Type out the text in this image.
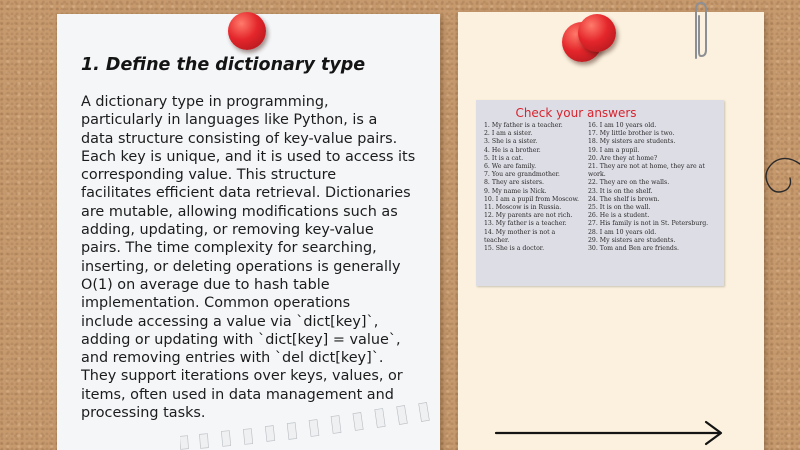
1. Define the dictionary type
A dictionary type in programming,
particularly in languages like Python, is a
data structure consisting of key-value pairs.
Each key is unique, and it is used to access its
corresponding value. This structure
facilitates efficient data retrieval. Dictionaries
are mutable, allowing modifications such as
adding, updating, or removing key-value
pairs. The time complexity for searching,
inserting, or deleting operations is generally
O(1) on average due to hash table
implementation. Common operations
include accessing a value via `dict[key]`,
adding or updating with `dict[key] = value`,
and removing entries with `del dict[key]`.
They support iterations over keys, values, or
items, often used in data management and
processing tasks.
Check your answers
1. My father is a teacher.
2. I am a sister.
3. She is a sister.
4. He is a brother.
5. It is a cat.
6. We are family.
7. You are grandmother.
8. They are sisters.
9. My name is Nick.
10. I am a pupil from Moscow.
11. Moscow is in Russia.
12. My parents are not rich.
13. My father is a teacher.
14. My mother is not a
teacher.
15. She is a doctor.
16. I am 10 years old.
17. My little brother is two.
18. My sisters are students.
19. I am a pupil.
20. Are they at home?
21. They are not at home, they are at
work.
22. They are on the walls.
23. It is on the shelf.
24. The shelf is brown.
25. It is on the wall.
26. He is a student.
27. His family is not in St. Petersburg.
28. I am 10 years old.
29. My sisters are students.
30. Tom and Ben are friends.
